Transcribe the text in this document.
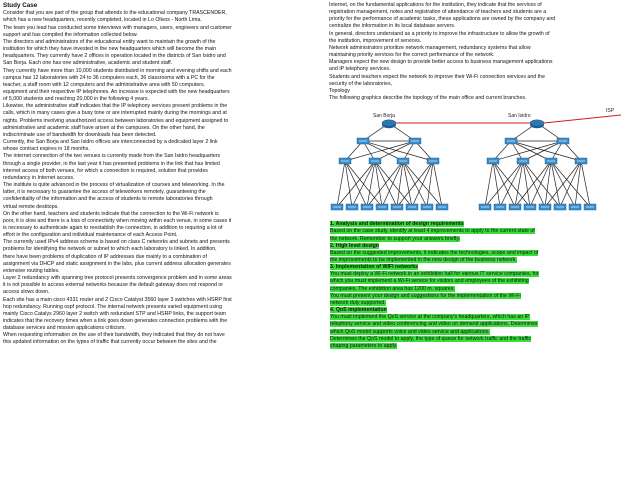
Study Case
Consider that you are part of the group that attends to the educational company TRASCENDER,
which has a new headquarters, recently completed, located in Lo Olivos - North Lima.
The team you lead has conducted some interviews with managers, users, engineers and customer
support and has compiled the information collected below.
The directors and administrators of the educational entity want to maintain the growth of the
institution for which they have invested in the new headquarters which will become the main
headquarters. They currently have 2 offices in operation located in the districts of San Isidro and
San Borja. Each one has one administrative, academic and student staff.
They currently have more than 10,000 students distributed in morning and evening shifts and each
campus has 12 laboratories with 24 to 36 computers each, 36 classrooms with a PC for the
teacher, a staff room with 12 computers and the administrative area with 50 computers.
equipment and their respective IP telephones. An increase is expected with the new headquarters
of 5,000 students and reaching 20,000 in the following 4 years.
Likewise, the administrative staff indicates that the IP telephony services present problems in the
calls, which in many cases give a busy tone or are interrupted mainly during the mornings and at
nights. Problems involving unauthorized access between laboratories and equipment assigned to
administrative and academic staff have arisen at the campuses. On the other hand, the
indiscriminate use of bandwidth for downloads has been detected.
Currently, the San Borja and San Isidro offices are interconnected by a dedicated layer 2 link
whose contract expires in 18 months.
The internet connection of the two venues is currently made from the San Isidro headquarters
through a single provider, in the last year it has presented problems in the link that has limited
internet access of both venues, for which a connection is required, solution that provides
redundancy in Internet access.
The institute is quite advanced in the process of virtualization of courses and teleworking. In the
latter, it is necessary to guarantee the access of teleworkers remotely, guaranteeing the
confidentiality of the information and the access of students to remote laboratories through
virtual remote desktops.
On the other hand, teachers and students indicate that the connection to the Wi-Fi network is
poor, it is slow and there is a loss of connectivity when moving within each venue, in some cases it
is necessary to authenticate again to reestablish the connection, in addition to requiring a lot of
effort in the configuration and individual maintenance of each Access Point.
The currently used IPv4 address scheme is based on class C networks and subnets and presents
problems for identifying the network or subnet to which each laboratory is linked. In addition,
there have been problems of duplication of IP addresses due mainly to a combination of
assignment via DHCP and static assignment in the labs, plus current address allocation generates
extensive routing tables.
Layer 2 redundancy with spanning tree protocol presents convergence problem and in some areas
it is not possible to access external networks because the default gateway does not respond or
access slows down.
Each site has a main cisco 4331 router and 2 Cisco Catalyst 3560 layer 3 switches with HSRP first
hop redundancy. Running ospf protocol. The internal network presents varied equipment using
mainly Cisco Catalys 2960 layer 2 switch with redundant STP and HSRP links, the support team
indicates that the recovery times when a link goes down generates connection problems with the
database services and mission applications criticism.
When requesting information on the use of their bandwidth, they indicated that they do not have
this updated information on the types of traffic that currently occur between the sites and the
Internet, on the fundamental applications for the institution, they indicate that the services of
registration management, notes and registration of attendance of teachers and students are a
priority for the performance of academic tasks, these applications are owned by the company and
centralize the information in its local database servers.
In general, directors understand as a priority to improve the infrastructure to allow the growth of
the institution, improvement of services.
Network administrators prioritize network management, redundancy systems that allow
maintaining priority services for the correct performance of the network.
Managers expect the new design to provide better access to business management applications
and IP telephony services.
Students and teachers expect the network to improve their Wi-Fi connection services and the
security of the laboratories,
Topology
The following graphics describe the topology of the main office and current branches.
San Borja	San Isidro
ISP
1. Analysis and determination of design requirements
Based on the case study, identify at least 4 improvements to apply to the current state of
the network. Remember to support your answers briefly.
2. High level design
Based on the suggested improvements, it indicates the technologies, scope and impact of
the improvements to be implemented in the new design of the business network.
3. Implementation of WIFI networks
You must deploy a Wi-Fi network in an exhibition hall for various IT service companies, for
which you must implement a Wi-Fi service for visitors and employees of the exhibiting
companies. The exhibition area has 1200 m. squares.
You must present your design and suggestions for the implementation of the Wi-Fi
network duly supported.
4. QoS implementation
You must implement the QoS service at the company's headquarters, which has an IP
telephony service and video conferencing and video on demand applications. Determines
which QoS model supports voice and video service and applications.
Determines the QoS model to apply, the type of queue for network traffic and the traffic
shaping parameters to apply.
